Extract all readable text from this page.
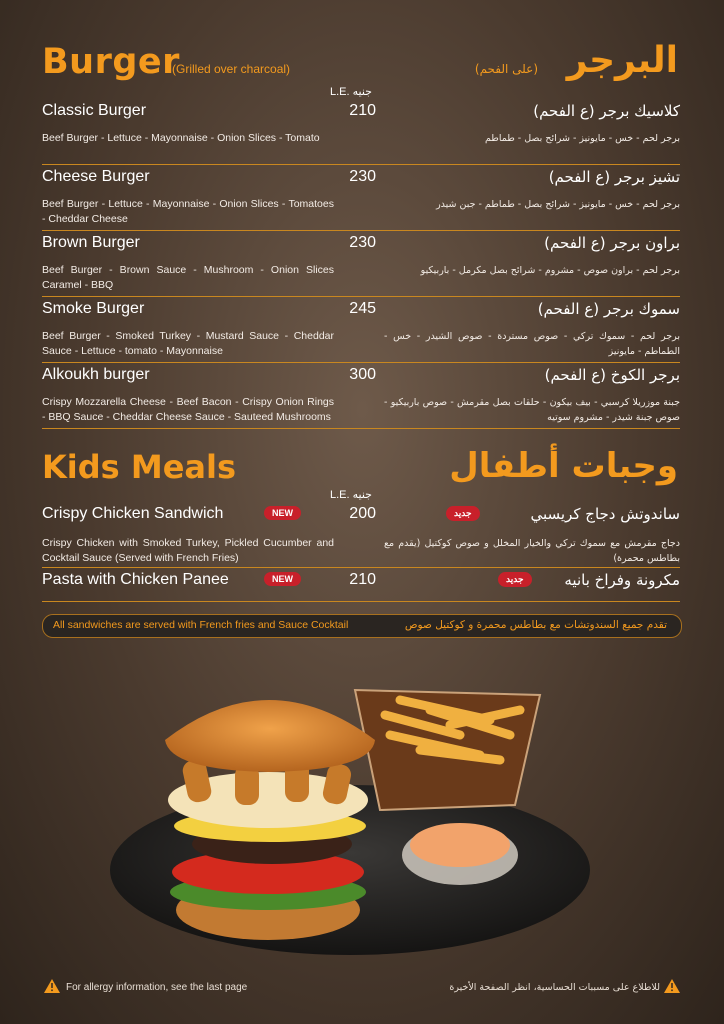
Burger
(Grilled over charcoal)	البرجر
(على الفحم)
L.E. جنيه
Classic Burger	210	كلاسيك برجر (ع الفحم)
Beef Burger - Lettuce - Mayonnaise - Onion Slices - Tomato	برجر لحم - خس - مايونيز - شرائح بصل - طماطم
Cheese Burger	230	تشيز برجر (ع الفحم)
Beef Burger - Lettuce - Mayonnaise - Onion Slices - Tomatoes - Cheddar Cheese
برجر لحم - خس - مايونيز - شرائح بصل - طماطم - جبن شيدر
Brown Burger	230	براون برجر (ع الفحم)
Beef Burger - Brown Sauce - Mushroom - Onion Slices Caramel - BBQ
برجر لحم - براون صوص - مشروم - شرائح بصل مكرمل - باربيكيو
Smoke Burger	245	سموك برجر (ع الفحم)
Beef Burger - Smoked Turkey - Mustard Sauce - Cheddar Sauce - Lettuce - tomato - Mayonnaise
برجر لحم - سموك تركي - صوص مستردة - صوص الشيدر - خس - الطماطم - مايونيز
Alkoukh burger	300	برجر الكوخ (ع الفحم)
Crispy Mozzarella Cheese - Beef Bacon - Crispy Onion Rings - BBQ Sauce - Cheddar Cheese Sauce - Sauteed Mushrooms
جبنة موزريلا كرسبي - بيف بيكون - حلقات بصل مقرمش - صوص باربيكيو - صوص جبنة شيدر - مشروم سوتيه
Kids Meals	وجبات أطفال
L.E. جنيه
Crispy Chicken Sandwich	NEW	200	جديد	ساندوتش دجاج كريسبي
Crispy Chicken with Smoked Turkey, Pickled Cucumber and Cocktail Sauce (Served with French Fries)
دجاج مقرمش مع سموك تركي والخيار المخلل و صوص كوكتيل (يقدم مع بطاطس محمرة)
Pasta with Chicken Panee	NEW	210	جديد	مكرونة وفراخ بانيه
All sandwiches are served with French fries and Sauce Cocktail	تقدم جميع السندوتشات مع بطاطس محمرة و كوكتيل صوص
For allergy information, see the last page	للاطلاع على مسببات الحساسية، انظر الصفحة الأخيرة
